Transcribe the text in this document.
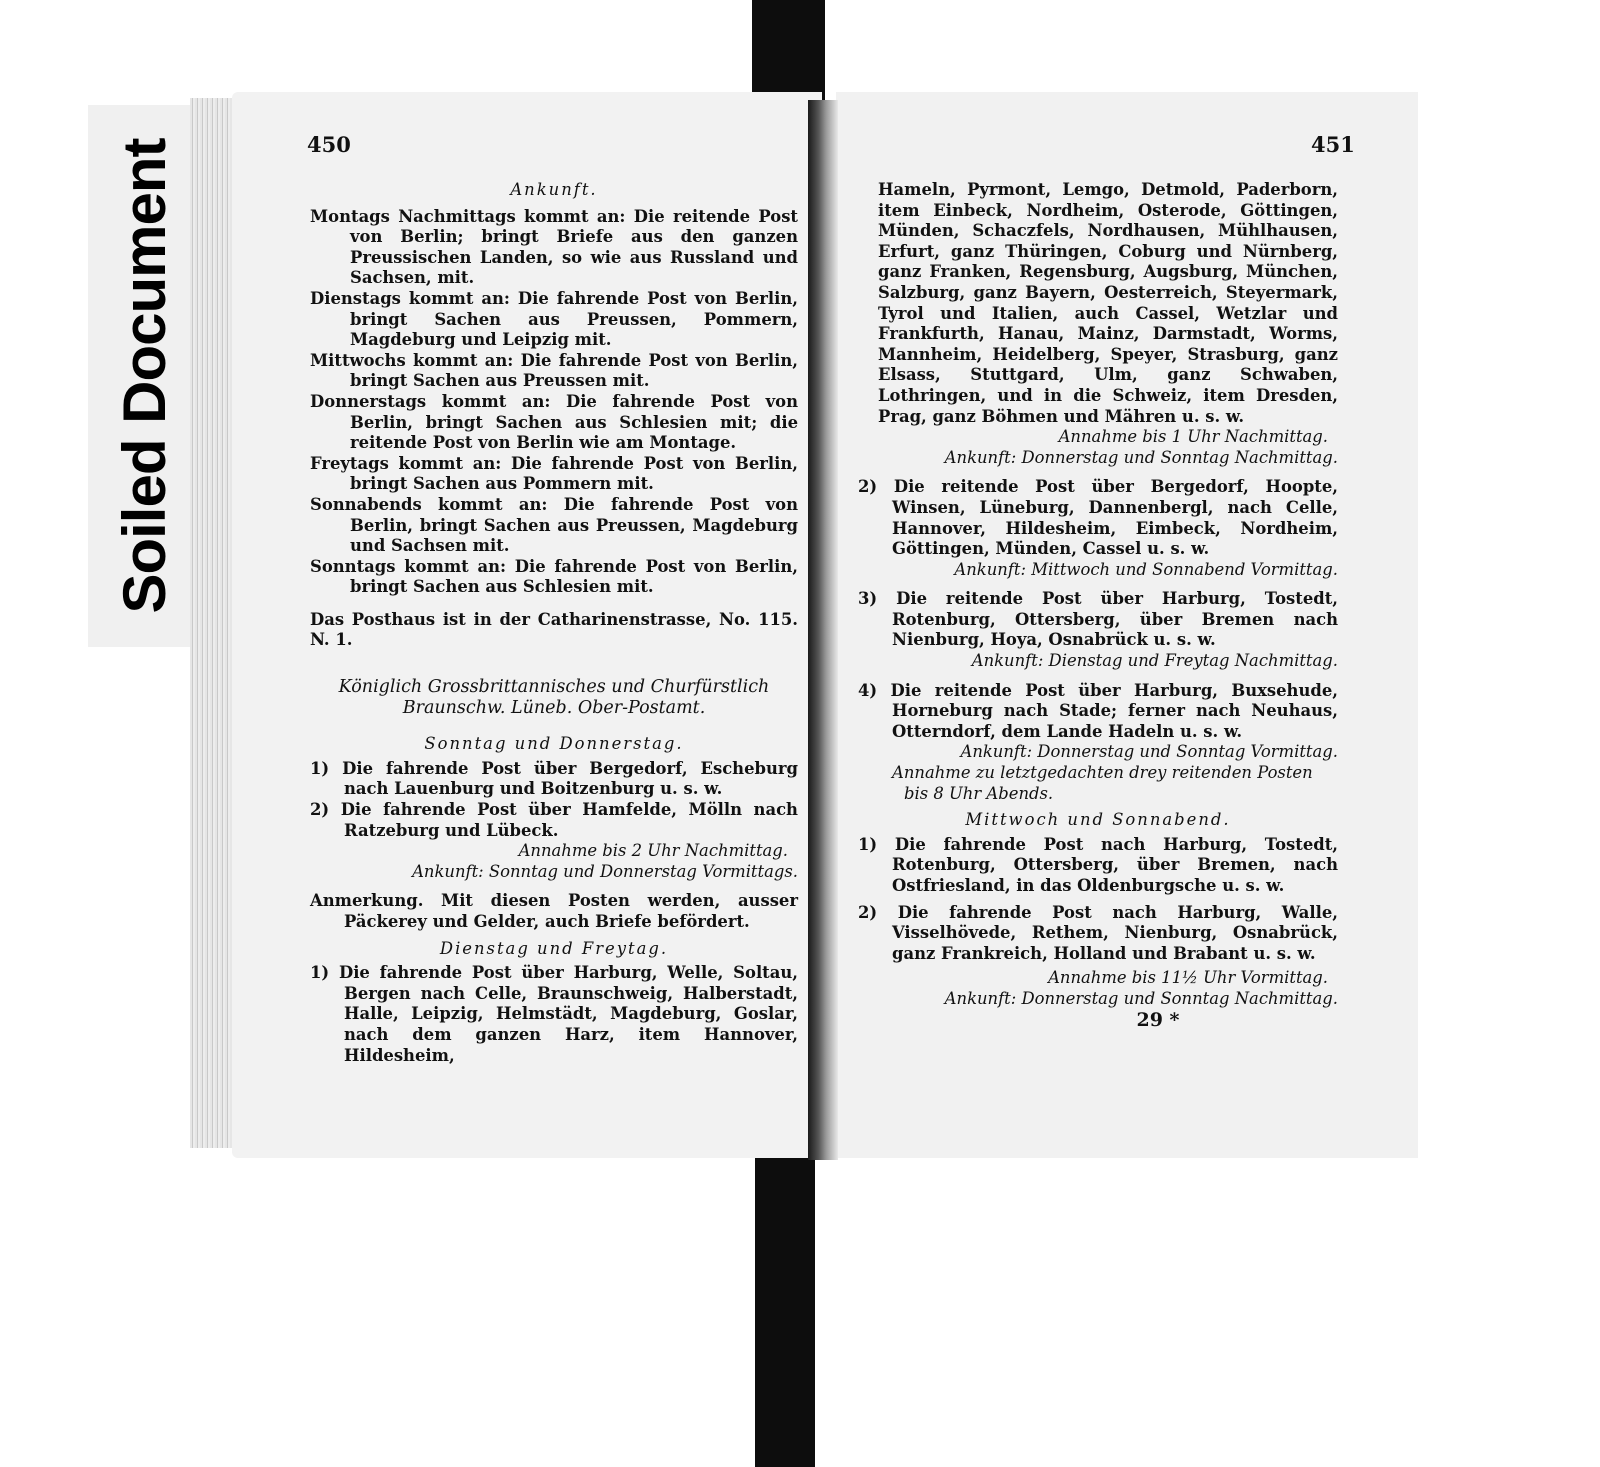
Soiled Document	450

Ankunft.

Montags Nachmittags kommt an: Die reitende Post von Berlin; bringt Briefe aus den ganzen Preussischen Landen, so wie aus Russland und Sachsen, mit.

Dienstags kommt an: Die fahrende Post von Berlin, bringt Sachen aus Preussen, Pommern, Magdeburg und Leipzig mit.

Mittwochs kommt an: Die fahrende Post von Berlin, bringt Sachen aus Preussen mit.

Donnerstags kommt an: Die fahrende Post von Berlin, bringt Sachen aus Schlesien mit; die reitende Post von Berlin wie am Montage.

Freytags kommt an: Die fahrende Post von Berlin, bringt Sachen aus Pommern mit.

Sonnabends kommt an: Die fahrende Post von Berlin, bringt Sachen aus Preussen, Magdeburg und Sachsen mit.

Sonntags kommt an: Die fahrende Post von Berlin, bringt Sachen aus Schlesien mit.

Das Posthaus ist in der Catharinenstrasse, No. 115. N. 1.

Königlich Grossbrittannisches und Churfürstlich

Braunschw. Lüneb. Ober-Postamt.

Sonntag und Donnerstag.

1) Die fahrende Post über Bergedorf, Escheburg nach Lauenburg und Boitzenburg u. s. w.

2) Die fahrende Post über Hamfelde, Mölln nach Ratzeburg und Lübeck.

Annahme bis 2 Uhr Nachmittag.

Ankunft: Sonntag und Donnerstag Vormittags.

Anmerkung. Mit diesen Posten werden, ausser Päckerey und Gelder, auch Briefe befördert.

Dienstag und Freytag.

1) Die fahrende Post über Harburg, Welle, Soltau, Bergen nach Celle, Braunschweig, Halberstadt, Halle, Leipzig, Helmstädt, Magdeburg, Goslar, nach dem ganzen Harz, item Hannover, Hildesheim,

451

Hameln, Pyrmont, Lemgo, Detmold, Paderborn, item Einbeck, Nordheim, Osterode, Göttingen, Münden, Schaczfels, Nordhausen, Mühlhausen, Erfurt, ganz Thüringen, Coburg und Nürnberg, ganz Franken, Regensburg, Augsburg, München, Salzburg, ganz Bayern, Oesterreich, Steyermark, Tyrol und Italien, auch Cassel, Wetzlar und Frankfurth, Hanau, Mainz, Darmstadt, Worms, Mannheim, Heidelberg, Speyer, Strasburg, ganz Elsass, Stuttgard, Ulm, ganz Schwaben, Lothringen, und in die Schweiz, item Dresden, Prag, ganz Böhmen und Mähren u. s. w.

Annahme bis 1 Uhr Nachmittag.

Ankunft: Donnerstag und Sonntag Nachmittag.

2) Die reitende Post über Bergedorf, Hoopte, Winsen, Lüneburg, Dannenbergl, nach Celle, Hannover, Hildesheim, Eimbeck, Nordheim, Göttingen, Münden, Cassel u. s. w.

Ankunft: Mittwoch und Sonnabend Vormittag.

3) Die reitende Post über Harburg, Tostedt, Rotenburg, Ottersberg, über Bremen nach Nienburg, Hoya, Osnabrück u. s. w.

Ankunft: Dienstag und Freytag Nachmittag.

4) Die reitende Post über Harburg, Buxsehude, Horneburg nach Stade; ferner nach Neuhaus, Otterndorf, dem Lande Hadeln u. s. w.

Ankunft: Donnerstag und Sonntag Vormittag.

Annahme zu letztgedachten drey reitenden Posten bis 8 Uhr Abends.

Mittwoch und Sonnabend.

1) Die fahrende Post nach Harburg, Tostedt, Rotenburg, Ottersberg, über Bremen, nach Ostfriesland, in das Oldenburgsche u. s. w.

2) Die fahrende Post nach Harburg, Walle, Visselhövede, Rethem, Nienburg, Osnabrück, ganz Frankreich, Holland und Brabant u. s. w.

Annahme bis 11½ Uhr Vormittag.

Ankunft: Donnerstag und Sonntag Nachmittag.

29 *
